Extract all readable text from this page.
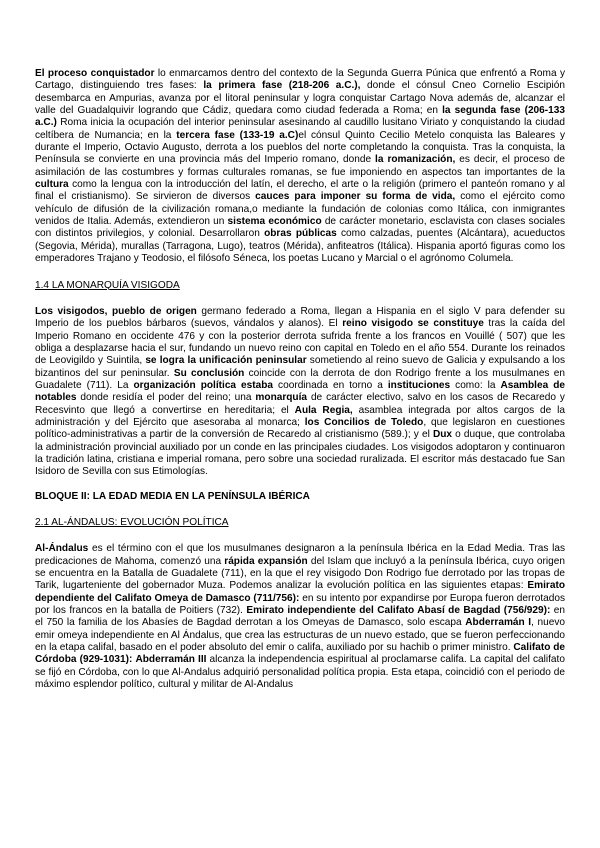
El proceso conquistador lo enmarcamos dentro del contexto de la Segunda Guerra Púnica que enfrentó a Roma y Cartago, distinguiendo tres fases: la primera fase (218-206 a.C.), donde el cónsul Cneo Cornelio Escipión desembarca en Ampurias, avanza por el litoral peninsular y logra conquistar Cartago Nova además de, alcanzar el valle del Guadalquivir logrando que Cádiz, quedara como ciudad federada a Roma; en la segunda fase (206-133 a.C.) Roma inicia la ocupación del interior peninsular asesinando al caudillo lusitano Viriato y conquistando la ciudad celtíbera de Numancia; en la tercera fase (133-19 a.C)el cónsul Quinto Cecilio Metelo conquista las Baleares y durante el Imperio, Octavio Augusto, derrota a los pueblos del norte completando la conquista. Tras la conquista, la Península se convierte en una provincia más del Imperio romano, donde la romanización, es decir, el proceso de asimilación de las costumbres y formas culturales romanas, se fue imponiendo en aspectos tan importantes de la cultura como la lengua con la introducción del latín, el derecho, el arte o la religión (primero el panteón romano y al final el cristianismo). Se sirvieron de diversos cauces para imponer su forma de vida, como el ejército como vehículo de difusión de la civilización romana,o mediante la fundación de colonias como Itálica, con inmigrantes venidos de Italia. Además, extendieron un sistema económico de carácter monetario, esclavista con clases sociales con distintos privilegios, y colonial. Desarrollaron obras públicas como calzadas, puentes (Alcántara), acueductos (Segovia, Mérida), murallas (Tarragona, Lugo), teatros (Mérida), anfiteatros (Itálica). Hispania aportó figuras como los emperadores Trajano y Teodosio, el filósofo Séneca, los poetas Lucano y Marcial o el agrónomo Columela.

1.4 LA MONARQUÍA VISIGODA

Los visigodos, pueblo de origen germano federado a Roma, llegan a Hispania en el siglo V para defender su Imperio de los pueblos bárbaros (suevos, vándalos y alanos). El reino visigodo se constituye tras la caída del Imperio Romano en occidente 476 y con la posterior derrota sufrida frente a los francos en Vouillé ( 507) que les obliga a desplazarse hacia el sur, fundando un nuevo reino con capital en Toledo en el año 554. Durante los reinados de Leovigildo y Suintila, se logra la unificación peninsular sometiendo al reino suevo de Galicia y expulsando a los bizantinos del sur peninsular. Su conclusión coincide con la derrota de don Rodrigo frente a los musulmanes en Guadalete (711). La organización política estaba coordinada en torno a instituciones como: la Asamblea de notables donde residía el poder del reino; una monarquía de carácter electivo, salvo en los casos de Recaredo y Recesvinto que llegó a convertirse en hereditaria; el Aula Regia, asamblea integrada por altos cargos de la administración y del Ejército que asesoraba al monarca; los Concilios de Toledo, que legislaron en cuestiones político-administrativas a partir de la conversión de Recaredo al cristianismo (589.); y el Dux o duque, que controlaba la administración provincial auxiliado por un conde en las principales ciudades. Los visigodos adoptaron y continuaron la tradición latina, cristiana e imperial romana, pero sobre una sociedad ruralizada. El escritor más destacado fue San Isidoro de Sevilla con sus Etimologías.

BLOQUE II: LA EDAD MEDIA EN LA PENÍNSULA IBÉRICA
2.1 AL-ÁNDALUS: EVOLUCIÓN POLÍTICA

Al-Ándalus es el término con el que los musulmanes designaron a la península Ibérica en la Edad Media. Tras las predicaciones de Mahoma, comenzó una rápida expansión del Islam que incluyó a la península Ibérica, cuyo origen se encuentra en la Batalla de Guadalete (711), en la que el rey visigodo Don Rodrigo fue derrotado por las tropas de Tarik, lugarteniente del gobernador Muza. Podemos analizar la evolución política en las siguientes etapas: Emirato dependiente del Califato Omeya de Damasco (711/756): en su intento por expandirse por Europa fueron derrotados por los francos en la batalla de Poitiers (732). Emirato independiente del Califato Abasí de Bagdad (756/929): en el 750 la familia de los Abasíes de Bagdad derrotan a los Omeyas de Damasco, solo escapa Abderramán I, nuevo emir omeya independiente en Al Ándalus, que crea las estructuras de un nuevo estado, que se fueron perfeccionando en la etapa califal, basado en el poder absoluto del emir o califa, auxiliado por su hachib o primer ministro. Califato de Córdoba (929-1031): Abderramán III alcanza la independencia espiritual al proclamarse califa. La capital del califato se fijó en Córdoba, con lo que Al-Andalus adquirió personalidad política propia. Esta etapa, coincidió con el periodo de máximo esplendor político, cultural y militar de Al-Andalus
